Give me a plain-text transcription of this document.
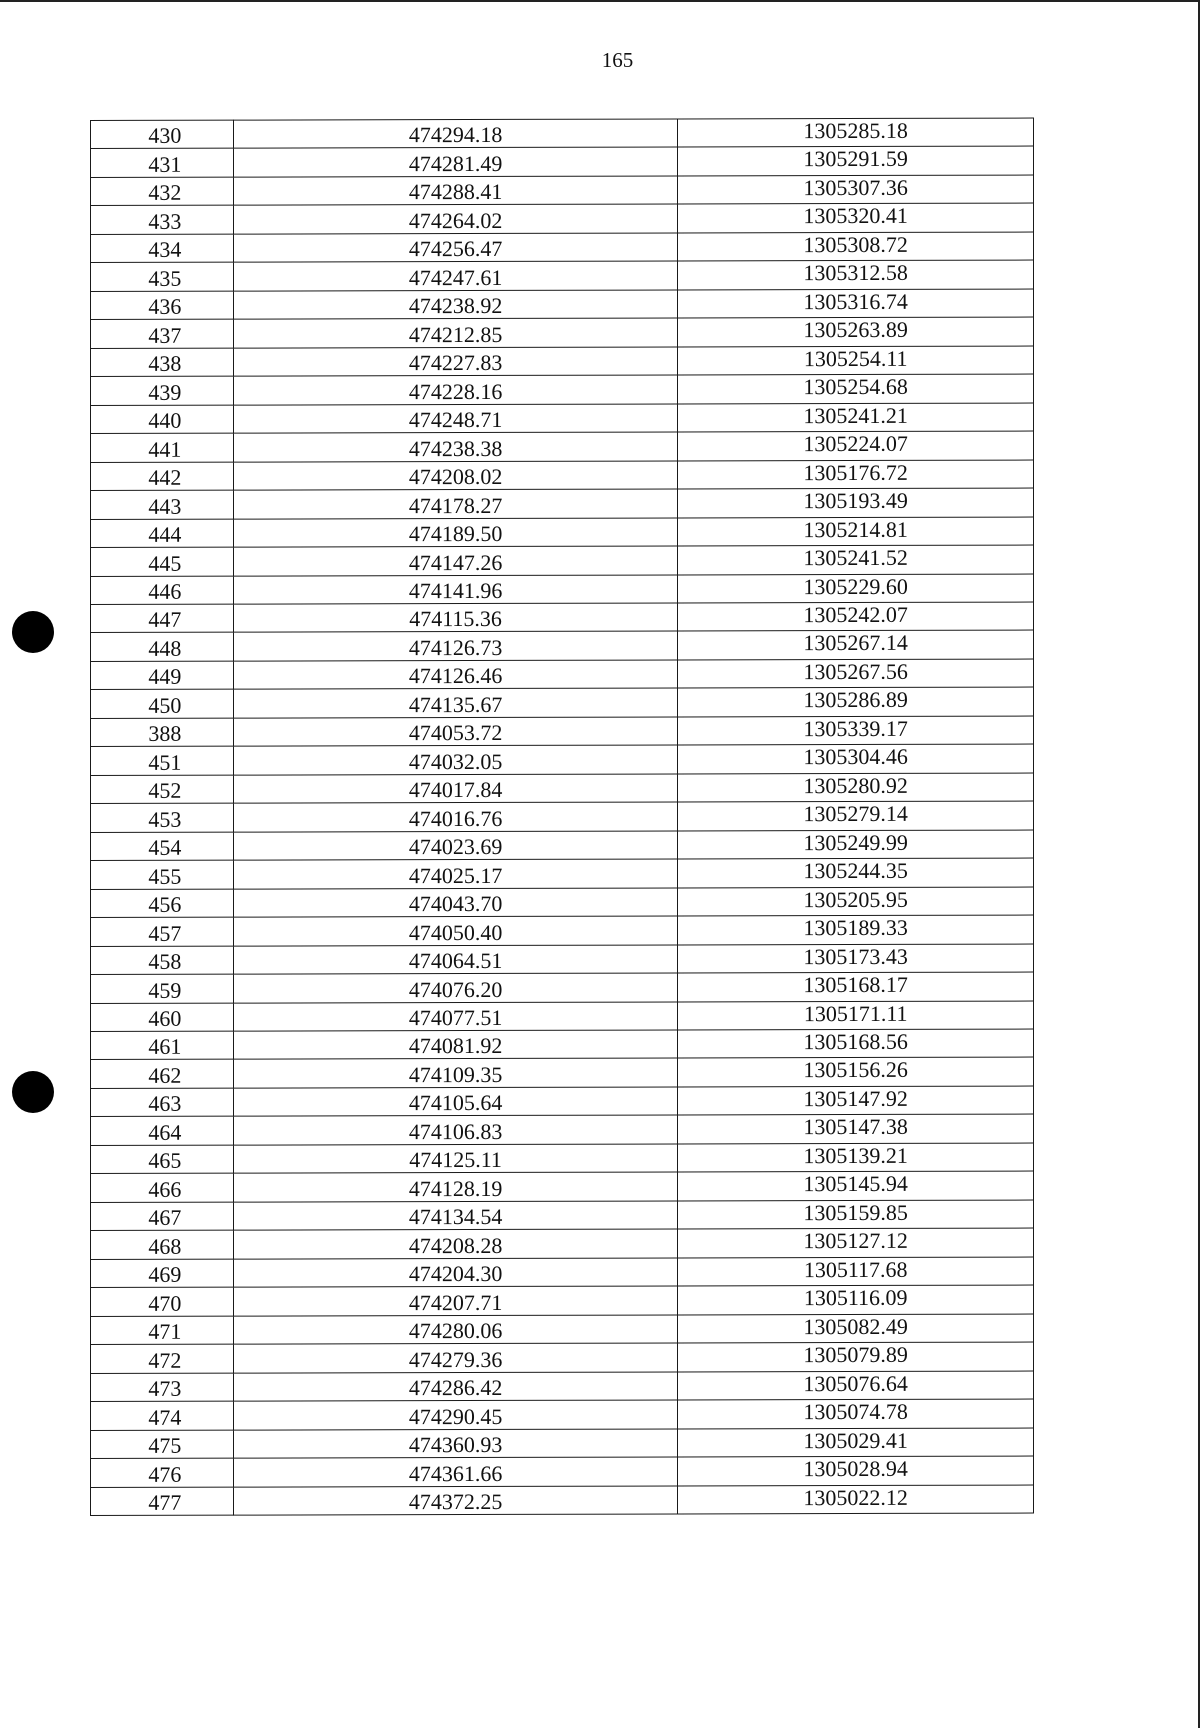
165
430	474294.18	1305285.18
431	474281.49	1305291.59
432	474288.41	1305307.36
433	474264.02	1305320.41
434	474256.47	1305308.72
435	474247.61	1305312.58
436	474238.92	1305316.74
437	474212.85	1305263.89
438	474227.83	1305254.11
439	474228.16	1305254.68
440	474248.71	1305241.21
441	474238.38	1305224.07
442	474208.02	1305176.72
443	474178.27	1305193.49
444	474189.50	1305214.81
445	474147.26	1305241.52
446	474141.96	1305229.60
447	474115.36	1305242.07
448	474126.73	1305267.14
449	474126.46	1305267.56
450	474135.67	1305286.89
388	474053.72	1305339.17
451	474032.05	1305304.46
452	474017.84	1305280.92
453	474016.76	1305279.14
454	474023.69	1305249.99
455	474025.17	1305244.35
456	474043.70	1305205.95
457	474050.40	1305189.33
458	474064.51	1305173.43
459	474076.20	1305168.17
460	474077.51	1305171.11
461	474081.92	1305168.56
462	474109.35	1305156.26
463	474105.64	1305147.92
464	474106.83	1305147.38
465	474125.11	1305139.21
466	474128.19	1305145.94
467	474134.54	1305159.85
468	474208.28	1305127.12
469	474204.30	1305117.68
470	474207.71	1305116.09
471	474280.06	1305082.49
472	474279.36	1305079.89
473	474286.42	1305076.64
474	474290.45	1305074.78
475	474360.93	1305029.41
476	474361.66	1305028.94
477	474372.25	1305022.12
